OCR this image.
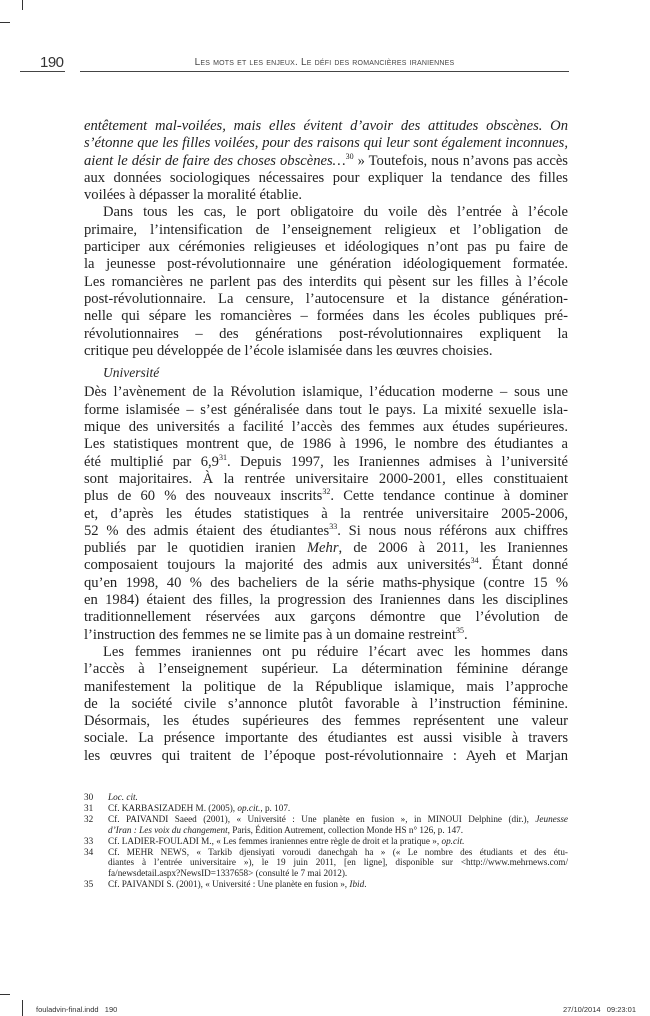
190	Les mots et les enjeux. Le défi des romancières iraniennes
entêtement mal-voilées, mais elles évitent d’avoir des attitudes obscènes. On
s’étonne que les filles voilées, pour des raisons qui leur sont également inconnues,
aient le désir de faire des choses obscènes…$^{30}$ » Toutefois, nous n’avons pas accès
aux données sociologiques nécessaires pour expliquer la tendance des filles
voilées à dépasser la moralité établie.
Dans tous les cas, le port obligatoire du voile dès l’entrée à l’école
primaire, l’intensification de l’enseignement religieux et l’obligation de
participer aux cérémonies religieuses et idéologiques n’ont pas pu faire de
la jeunesse post-révolutionnaire une génération idéologiquement formatée.
Les romancières ne parlent pas des interdits qui pèsent sur les filles à l’école
post-révolutionnaire. La censure, l’autocensure et la distance génération-
nelle qui sépare les romancières – formées dans les écoles publiques pré-
révolutionnaires – des générations post-révolutionnaires expliquent la
critique peu développée de l’école islamisée dans les œuvres choisies.
Université
Dès l’avènement de la Révolution islamique, l’éducation moderne – sous une
forme islamisée – s’est généralisée dans tout le pays. La mixité sexuelle isla-
mique des universités a facilité l’accès des femmes aux études supérieures.
Les statistiques montrent que, de 1986 à 1996, le nombre des étudiantes a
été multiplié par $6,9^{31}$. Depuis 1997, les Iraniennes admises à l’université
sont majoritaires. À la rentrée universitaire 2000-2001, elles constituaient
plus de 60 % des nouveaux inscrits$^{32}$. Cette tendance continue à dominer
et, d’après les études statistiques à la rentrée universitaire 2005-2006,
52 % des admis étaient des étudiantes$^{33}$. Si nous nous référons aux chiffres
publiés par le quotidien iranien Mehr, de 2006 à 2011, les Iraniennes
composaient toujours la majorité des admis aux universités$^{34}$. Étant donné
qu’en 1998, 40 % des bacheliers de la série maths-physique (contre 15 %
en 1984) étaient des filles, la progression des Iraniennes dans les disciplines
traditionnellement réservées aux garçons démontre que l’évolution de
l’instruction des femmes ne se limite pas à un domaine restreint$^{35}$.
Les femmes iraniennes ont pu réduire l’écart avec les hommes dans
l’accès à l’enseignement supérieur. La détermination féminine dérange
manifestement la politique de la République islamique, mais l’approche
de la société civile s’annonce plutôt favorable à l’instruction féminine.
Désormais, les études supérieures des femmes représentent une valeur
sociale. La présence importante des étudiantes est aussi visible à travers
les œuvres qui traitent de l’époque post-révolutionnaire : Ayeh et Marjan
30	Loc. cit.
31	Cf. KARBASIZADEH M. (2005), op.cit., p. 107.
32	Cf. PAIVANDI Saeed (2001), « Université : Une planète en fusion », in MINOUI Delphine (dir.), Jeunesse
d’Iran : Les voix du changement, Paris, Édition Autrement, collection Monde HS n° 126, p. 147.
33	Cf. LADIER-FOULADI M., « Les femmes iraniennes entre règle de droit et la pratique », op.cit.
34	Cf. MEHR NEWS, « Tarkib djensiyati voroudi danechgah ha » (« Le nombre des étudiants et des étu-
diantes à l’entrée universitaire »), le 19 juin 2011, [en ligne], disponible sur <http://www.mehrnews.com/
fa/newsdetail.aspx?NewsID=1337658> (consulté le 7 mai 2012).
35	Cf. PAIVANDI S. (2001), « Université : Une planète en fusion », Ibid.
fouladvin-final.indd   190	27/10/2014   09:23:01
